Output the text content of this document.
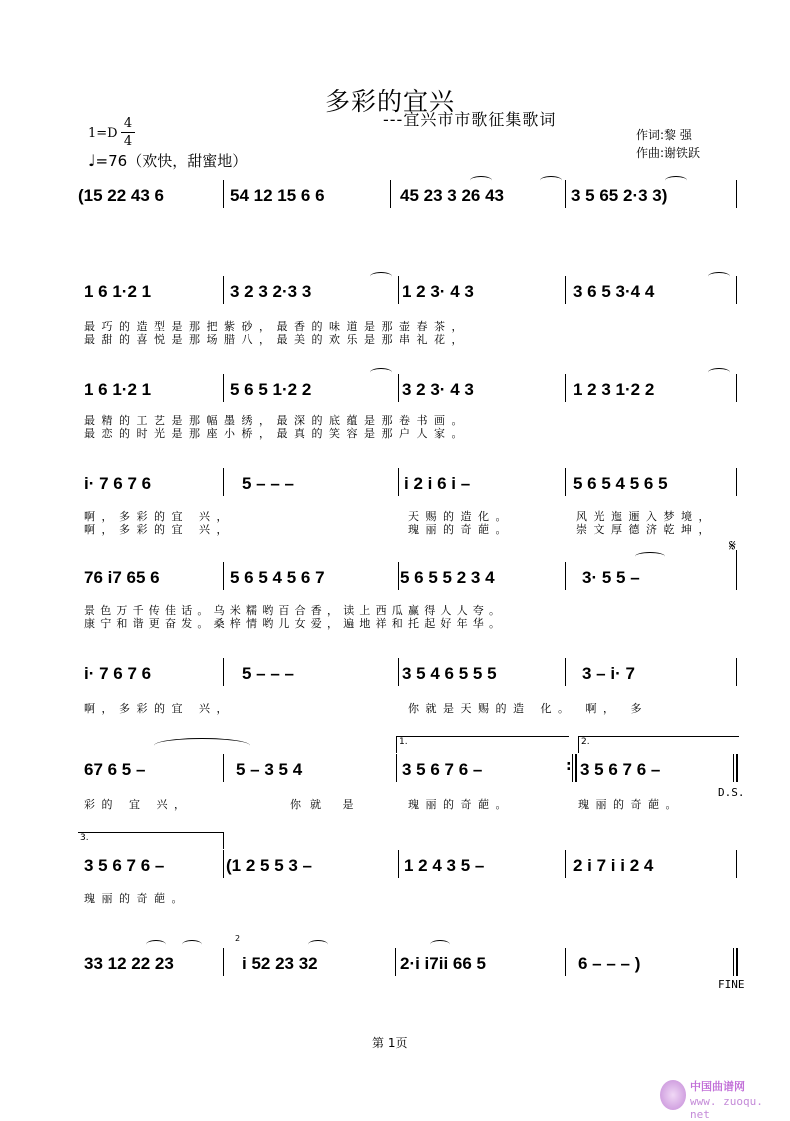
多彩的宜兴
---宜兴市市歌征集歌词
1=D
4
4
♩=76（欢快，甜蜜地）
作词:黎 强
作曲:谢铁跃
(15 22 43 6	54 12 15 6 6	45 23 3 26 43	3 5 65 2·3 3)
1 6 1·2 1	3 2 3 2·3 3	1 2 3· 4 3	3 6 5 3·4 4
最巧的造型是那把紫砂，最香的味道是那壶春茶，
最甜的喜悦是那场腊八，最美的欢乐是那串礼花，
1 6 1·2 1	5 6 5 1·2 2	3 2 3· 4 3	1 2 3 1·2 2
最精的工艺是那幅墨绣，最深的底蕴是那卷书画。
最恋的时光是那座小桥，最真的笑容是那户人家。
i· 7 6 7 6	5 – – –	i 2 i 6 i –	5 6 5 4 5 6 5
啊，多彩的宜 兴，
啊，多彩的宜 兴，
天赐的造化。
瑰丽的奇葩。
风光迤逦入梦境，
崇文厚德济乾坤，
𝄋
76 i7 65 6	5 6 5 4 5 6 7	5 6 5 5 2 3 4	3· 5 5 –
景色万千传佳话。乌米糯哟百合香，读上西瓜赢得人人夸。
康宁和谐更奋发。桑梓情哟儿女爱，遍地祥和托起好年华。
i· 7 6 7 6	5 – – –	3 5 4 6 5 5 5	3 – i· 7
啊，多彩的宜 兴，	你就是天赐的造 化。 啊， 多
1.	2.
:
67 6 5 –	5 – 3 5 4	3 5 6 7 6 –	3 5 6 7 6 –
D.S.
彩的 宜 兴，	你就 是	瑰丽的奇葩。	瑰丽的奇葩。
3.
3 5 6 7 6 –	(1 2 5 5 3 –	1 2 4 3 5 –	2 i 7 i i 2 4
瑰丽的奇葩。
2
33 12 22 23	i 52 23 32	2·i i7ii 66 5	6 – – – )
FINE
第 1页
中国曲谱网
www. zuoqu. net
